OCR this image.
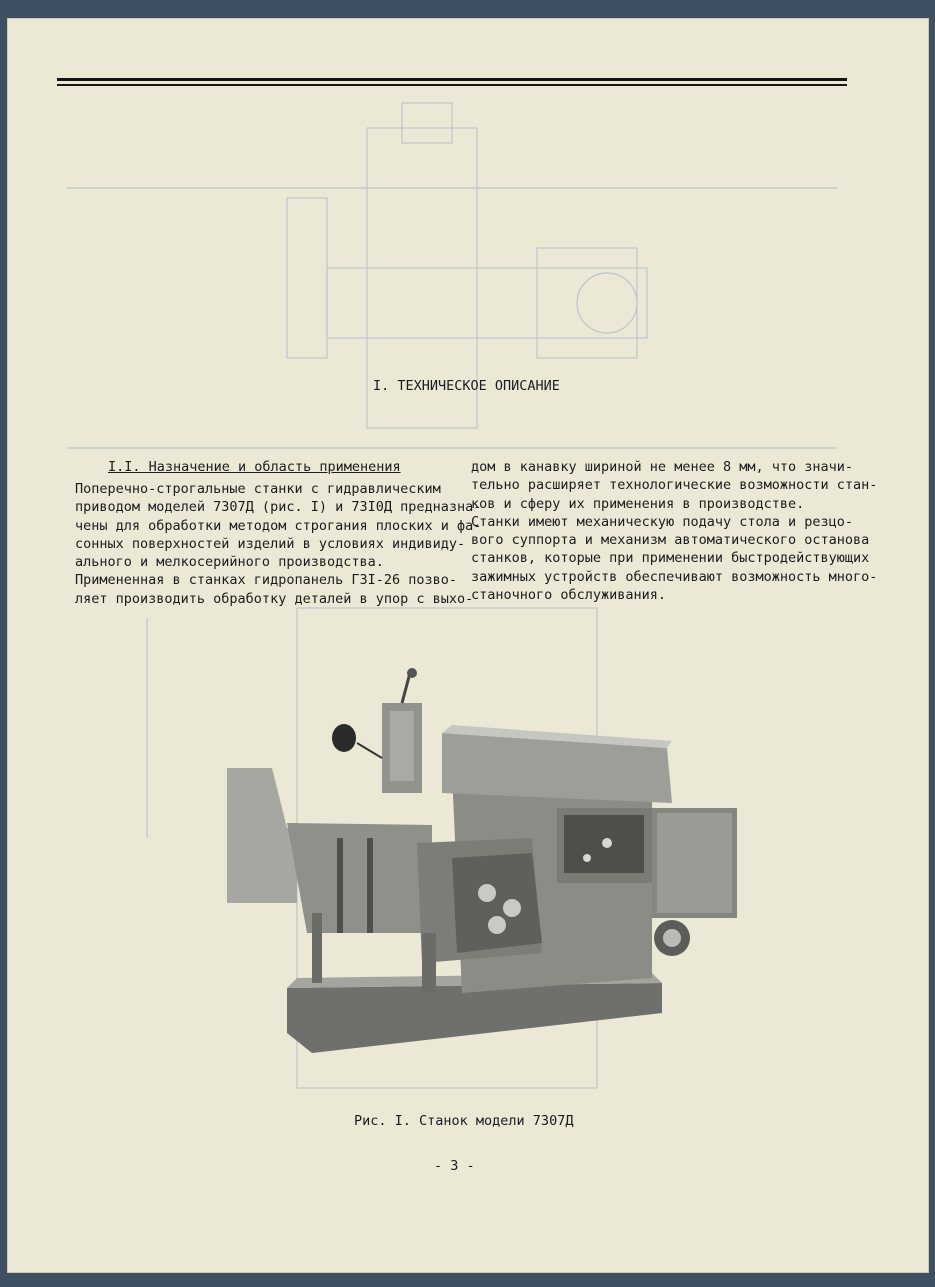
I. ТЕХНИЧЕСКОЕ ОПИСАНИЕ
I.I. Назначение и область применения
Поперечно-строгальные станки с гидравлическим
приводом моделей 7307Д (рис. I) и 73I0Д предназна-
чены для обработки методом строгания плоских и фа-
сонных поверхностей изделий в условиях индивиду-
ального и мелкосерийного производства.
Примененная в станках гидропанель Г3I-26 позво-
ляет производить обработку деталей в упор с выхо-
дом в канавку шириной не менее 8 мм, что значи-
тельно расширяет технологические возможности стан-
ков и сферу их применения в производстве.
Станки имеют механическую подачу стола и резцо-
вого суппорта и механизм автоматического останова
станков, которые при применении быстродействующих
зажимных устройств обеспечивают возможность много-
станочного обслуживания.
Рис. I. Станок модели 7307Д
- 3 -
